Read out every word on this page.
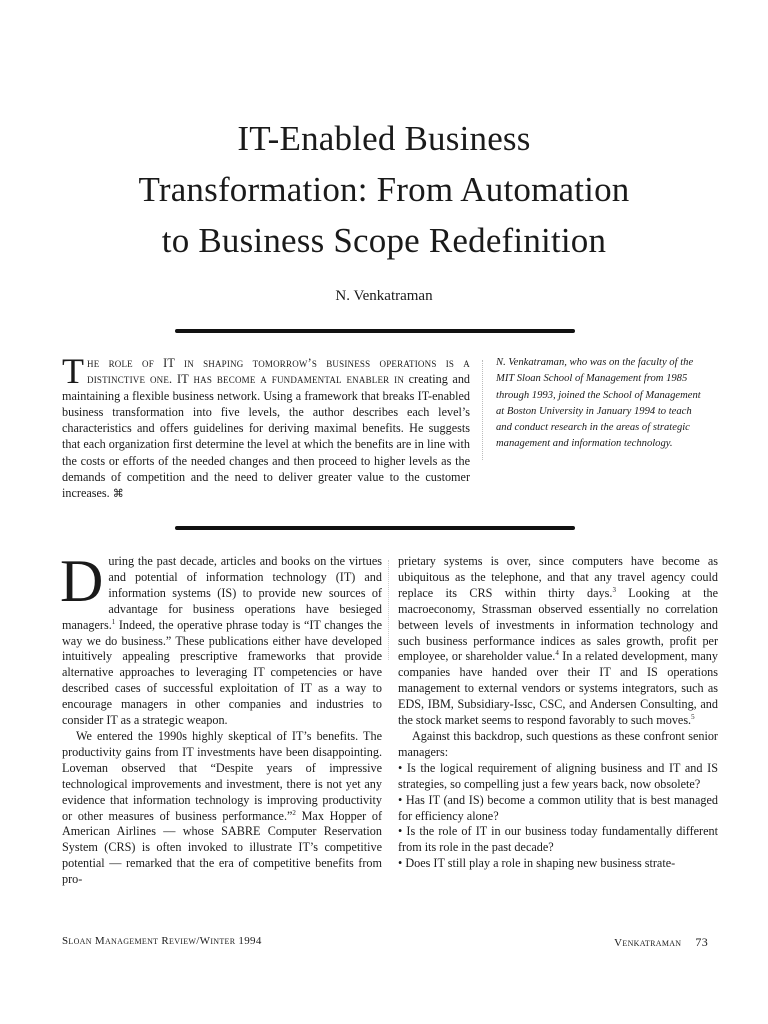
IT-Enabled Business
Transformation: From Automation
to Business Scope Redefinition
N. Venkatraman

The role of IT in shaping tomorrow’s business operations is a distinctive one. IT has become a fundamental enabler in creating and maintaining a flexible business network. Using a framework that breaks IT-enabled business transformation into five levels, the author describes each level’s characteristics and offers guidelines for deriving maximal benefits. He suggests that each organization first determine the level at which the benefits are in line with the costs or efforts of the needed changes and then proceed to higher levels as the demands of competition and the need to deliver greater value to the customer increases. ⌘

N. Venkatraman, who was on the faculty of the MIT Sloan School of Management from 1985 through 1993, joined the School of Management at Boston University in January 1994 to teach and conduct research in the areas of strategic management and information technology.

During the past decade, articles and books on the virtues and potential of information technology (IT) and information systems (IS) to provide new sources of advantage for business operations have besieged managers.$^1$ Indeed, the operative phrase today is “IT changes the way we do business.” These publications either have developed intuitively appealing prescriptive frameworks that provide alternative approaches to leveraging IT competencies or have described cases of successful exploitation of IT as a way to encourage managers in other companies and industries to consider IT as a strategic weapon.

We entered the 1990s highly skeptical of IT’s benefits. The productivity gains from IT investments have been disappointing. Loveman observed that “Despite years of impressive technological improvements and investment, there is not yet any evidence that information technology is improving productivity or other measures of business performance.”$^2$ Max Hopper of American Airlines — whose SABRE Computer Reservation System (CRS) is often invoked to illustrate IT’s competitive potential — remarked that the era of competitive benefits from pro-

prietary systems is over, since computers have become as ubiquitous as the telephone, and that any travel agency could replace its CRS within thirty days.$^3$ Looking at the macroeconomy, Strassman observed essentially no correlation between levels of investments in information technology and such business performance indices as sales growth, profit per employee, or shareholder value.$^4$ In a related development, many companies have handed over their IT and IS operations management to external vendors or systems integrators, such as EDS, IBM, Subsidiary-Issc, CSC, and Andersen Consulting, and the stock market seems to respond favorably to such moves.$^5$

Against this backdrop, such questions as these confront senior managers:

• Is the logical requirement of aligning business and IT and IS strategies, so compelling just a few years back, now obsolete?

• Has IT (and IS) become a common utility that is best managed for efficiency alone?

• Is the role of IT in our business today fundamentally different from its role in the past decade?

• Does IT still play a role in shaping new business strate-

Sloan Management Review/Winter 1994	Venkatraman 73
